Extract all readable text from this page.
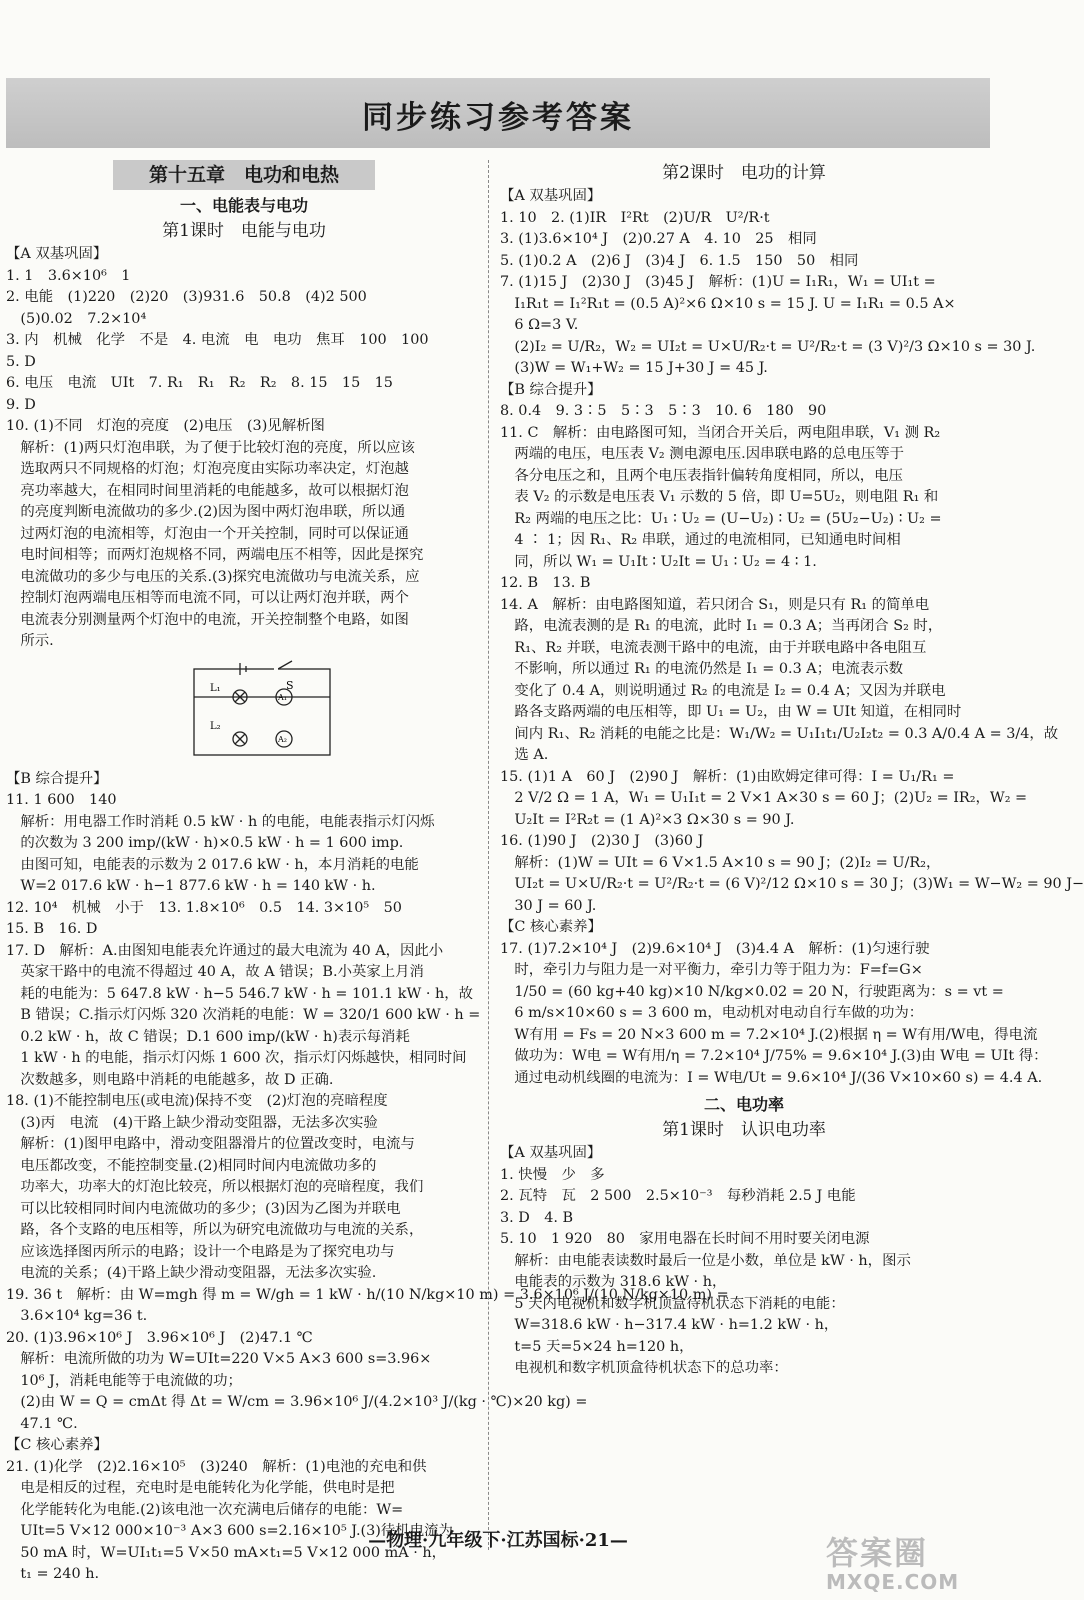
同步练习参考答案
第十五章　电功和电热
一、电能表与电功
第1课时　电能与电功
【A 双基巩固】
1. 1　3.6×10⁶　1
2. 电能　(1)220　(2)20　(3)931.6　50.8　(4)2 500
　(5)0.02　7.2×10⁴
3. 内　机械　化学　不是　4. 电流　电　电功　焦耳　100　100
5. D
6. 电压　电流　UIt　7. R₁　R₁　R₂　R₂　8. 15　15　15
9. D
10. (1)不同　灯泡的亮度　(2)电压　(3)见解析图
　解析：(1)两只灯泡串联，为了便于比较灯泡的亮度，所以应该
　选取两只不同规格的灯泡；灯泡亮度由实际功率决定，灯泡越
　亮功率越大，在相同时间里消耗的电能越多，故可以根据灯泡
　的亮度判断电流做功的多少.(2)因为图中两灯泡串联，所以通
　过两灯泡的电流相等，灯泡由一个开关控制，同时可以保证通
　电时间相等；而两灯泡规格不同，两端电压不相等，因此是探究
　电流做功的多少与电压的关系.(3)探究电流做功与电流关系，应
　控制灯泡两端电压相等而电流不同，可以让两灯泡并联，两个
　电流表分别测量两个灯泡中的电流，开关控制整个电路，如图
　所示.
S
L₁
A₁
L₂
A₂
【B 综合提升】
11. 1 600　140
　解析：用电器工作时消耗 0.5 kW · h 的电能，电能表指示灯闪烁
　的次数为 3 200 imp/(kW · h)×0.5 kW · h = 1 600 imp.
　由图可知，电能表的示数为 2 017.6 kW · h，本月消耗的电能
　W=2 017.6 kW · h−1 877.6 kW · h = 140 kW · h.
12. 10⁴　机械　小于　13. 1.8×10⁶　0.5　14. 3×10⁵　50
15. B　16. D
17. D　解析：A.由图知电能表允许通过的最大电流为 40 A，因此小
　英家干路中的电流不得超过 40 A，故 A 错误；B.小英家上月消
　耗的电能为：5 647.8 kW · h−5 546.7 kW · h = 101.1 kW · h，故
　B 错误；C.指示灯闪烁 320 次消耗的电能：W = 320/1 600 kW · h =
　0.2 kW · h，故 C 错误；D.1 600 imp/(kW · h)表示每消耗
　1 kW · h 的电能，指示灯闪烁 1 600 次，指示灯闪烁越快，相同时间
　次数越多，则电路中消耗的电能越多，故 D 正确.
18. (1)不能控制电压(或电流)保持不变　(2)灯泡的亮暗程度
　(3)丙　电流　(4)干路上缺少滑动变阻器，无法多次实验
　解析：(1)图甲电路中，滑动变阻器滑片的位置改变时，电流与
　电压都改变，不能控制变量.(2)相同时间内电流做功多的
　功率大，功率大的灯泡比较亮，所以根据灯泡的亮暗程度，我们
　可以比较相同时间内电流做功的多少；(3)因为乙图为并联电
　路，各个支路的电压相等，所以为研究电流做功与电流的关系，
　应该选择图丙所示的电路；设计一个电路是为了探究电功与
　电流的关系；(4)干路上缺少滑动变阻器，无法多次实验.
19. 36 t　解析：由 W=mgh 得 m = W/gh = 1 kW · h/(10 N/kg×10 m) = 3.6×10⁶ J/(10 N/kg×10 m) =
　3.6×10⁴ kg=36 t.
20. (1)3.96×10⁶ J　3.96×10⁶ J　(2)47.1 ℃
　解析：电流所做的功为 W=UIt=220 V×5 A×3 600 s=3.96×
　10⁶ J，消耗电能等于电流做的功；
　(2)由 W = Q = cmΔt 得 Δt = W/cm = 3.96×10⁶ J/(4.2×10³ J/(kg · ℃)×20 kg) =
　47.1 ℃.
【C 核心素养】
21. (1)化学　(2)2.16×10⁵　(3)240　解析：(1)电池的充电和供
　电是相反的过程，充电时是电能转化为化学能，供电时是把
　化学能转化为电能.(2)该电池一次充满电后储存的电能：W=
　UIt=5 V×12 000×10⁻³ A×3 600 s=2.16×10⁵ J.(3)待机电流为
　50 mA 时，W=UI₁t₁=5 V×50 mA×t₁=5 V×12 000 mA · h，
　t₁ = 240 h.
第2课时　电功的计算
【A 双基巩固】
1. 10　2. (1)IR　I²Rt　(2)U/R　U²/R·t
3. (1)3.6×10⁴ J　(2)0.27 A　4. 10　25　相同
5. (1)0.2 A　(2)6 J　(3)4 J　6. 1.5　150　50　相同
7. (1)15 J　(2)30 J　(3)45 J　解析：(1)U = I₁R₁，W₁ = UI₁t =
　I₁R₁t = I₁²R₁t = (0.5 A)²×6 Ω×10 s = 15 J. U = I₁R₁ = 0.5 A×
　6 Ω=3 V.
　(2)I₂ = U/R₂，W₂ = UI₂t = U×U/R₂·t = U²/R₂·t = (3 V)²/3 Ω×10 s = 30 J.
　(3)W = W₁+W₂ = 15 J+30 J = 45 J.
【B 综合提升】
8. 0.4　9. 3∶5　5∶3　5∶3　10. 6　180　90
11. C　解析：由电路图可知，当闭合开关后，两电阻串联，V₁ 测 R₂
　两端的电压，电压表 V₂ 测电源电压.因串联电路的总电压等于
　各分电压之和，且两个电压表指针偏转角度相同，所以，电压
　表 V₂ 的示数是电压表 V₁ 示数的 5 倍，即 U=5U₂，则电阻 R₁ 和
　R₂ 两端的电压之比：U₁ ∶ U₂ = (U−U₂) ∶ U₂ = (5U₂−U₂) ∶ U₂ =
　4 ∶ 1；因 R₁、R₂ 串联，通过的电流相同，已知通电时间相
　同，所以 W₁ = U₁It ∶ U₂It = U₁ ∶ U₂ = 4 ∶ 1.
12. B　13. B
14. A　解析：由电路图知道，若只闭合 S₁，则是只有 R₁ 的简单电
　路，电流表测的是 R₁ 的电流，此时 I₁ = 0.3 A；当再闭合 S₂ 时，
　R₁、R₂ 并联，电流表测干路中的电流，由于并联电路中各电阻互
　不影响，所以通过 R₁ 的电流仍然是 I₁ = 0.3 A；电流表示数
　变化了 0.4 A，则说明通过 R₂ 的电流是 I₂ = 0.4 A；又因为并联电
　路各支路两端的电压相等，即 U₁ = U₂，由 W = UIt 知道，在相同时
　间内 R₁、R₂ 消耗的电能之比是：W₁/W₂ = U₁I₁t₁/U₂I₂t₂ = 0.3 A/0.4 A = 3/4，故
　选 A.
15. (1)1 A　60 J　(2)90 J　解析：(1)由欧姆定律可得：I = U₁/R₁ =
　2 V/2 Ω = 1 A，W₁ = U₁I₁t = 2 V×1 A×30 s = 60 J；(2)U₂ = IR₂，W₂ =
　U₂It = I²R₂t = (1 A)²×3 Ω×30 s = 90 J.
16. (1)90 J　(2)30 J　(3)60 J
　解析：(1)W = UIt = 6 V×1.5 A×10 s = 90 J；(2)I₂ = U/R₂，
　UI₂t = U×U/R₂·t = U²/R₂·t = (6 V)²/12 Ω×10 s = 30 J；(3)W₁ = W−W₂ = 90 J−
　30 J = 60 J.
【C 核心素养】
17. (1)7.2×10⁴ J　(2)9.6×10⁴ J　(3)4.4 A　解析：(1)匀速行驶
　时，牵引力与阻力是一对平衡力，牵引力等于阻力为：F=f=G×
　1/50 = (60 kg+40 kg)×10 N/kg×0.02 = 20 N，行驶距离为：s = vt =
　6 m/s×10×60 s = 3 600 m，电动机对电动自行车做的功为：
　W有用 = Fs = 20 N×3 600 m = 7.2×10⁴ J.(2)根据 η = W有用/W电，得电流
　做功为：W电 = W有用/η = 7.2×10⁴ J/75% = 9.6×10⁴ J.(3)由 W电 = UIt 得：
　通过电动机线圈的电流为：I = W电/Ut = 9.6×10⁴ J/(36 V×10×60 s) = 4.4 A.
二、电功率
第1课时　认识电功率
【A 双基巩固】
1. 快慢　少　多
2. 瓦特　瓦　2 500　2.5×10⁻³　每秒消耗 2.5 J 电能
3. D　4. B
5. 10　1 920　80　家用电器在长时间不用时要关闭电源
　解析：由电能表读数时最后一位是小数，单位是 kW · h，图示
　电能表的示数为 318.6 kW · h，
　5 天内电视机和数字机顶盒待机状态下消耗的电能：
　W=318.6 kW · h−317.4 kW · h=1.2 kW · h，
　t=5 天=5×24 h=120 h，
　电视机和数字机顶盒待机状态下的总功率：
—物理·九年级下·江苏国标·21—	答案圈
MXQE.COM
